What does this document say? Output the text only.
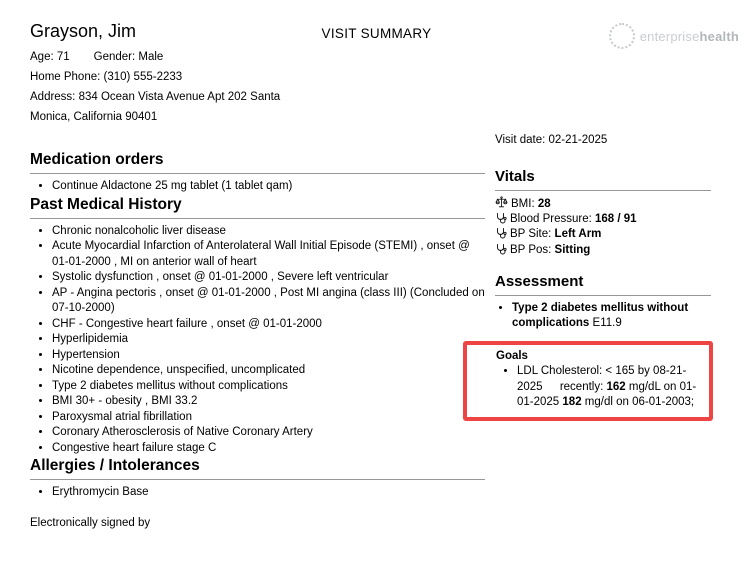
Grayson, Jim	VISIT SUMMARY	enterprisehealth
Age: 71 Gender: Male
Home Phone: (310) 555-2233
Address: 834 Ocean Vista Avenue Apt 202 Santa Monica, California 90401
Medication orders
• Continue Aldactone 25 mg tablet (1 tablet qam)
Past Medical History
• Chronic nonalcoholic liver disease
• Acute Myocardial Infarction of Anterolateral Wall Initial Episode (STEMI) , onset @ 01-01-2000 , MI on anterior wall of heart
• Systolic dysfunction , onset @ 01-01-2000 , Severe left ventricular
• AP - Angina pectoris , onset @ 01-01-2000 , Post MI angina (class III) (Concluded on 07-10-2000)
• CHF - Congestive heart failure , onset @ 01-01-2000
• Hyperlipidemia
• Hypertension
• Nicotine dependence, unspecified, uncomplicated
• Type 2 diabetes mellitus without complications
• BMI 30+ - obesity , BMI 33.2
• Paroxysmal atrial fibrillation
• Coronary Atherosclerosis of Native Coronary Artery
• Congestive heart failure stage C
Allergies / Intolerances
• Erythromycin Base
Electronically signed by
Visit date: 02-21-2025
Vitals
BMI: 28
Blood Pressure: 168 / 91
BP Site: Left Arm
BP Pos: Sitting
Assessment
• Type 2 diabetes mellitus without complications E11.9
Goals
• LDL Cholesterol: < 165 by 08-21-2025  recently: 162 mg/dL on 01-01-2025 182 mg/dl on 06-01-2003;
